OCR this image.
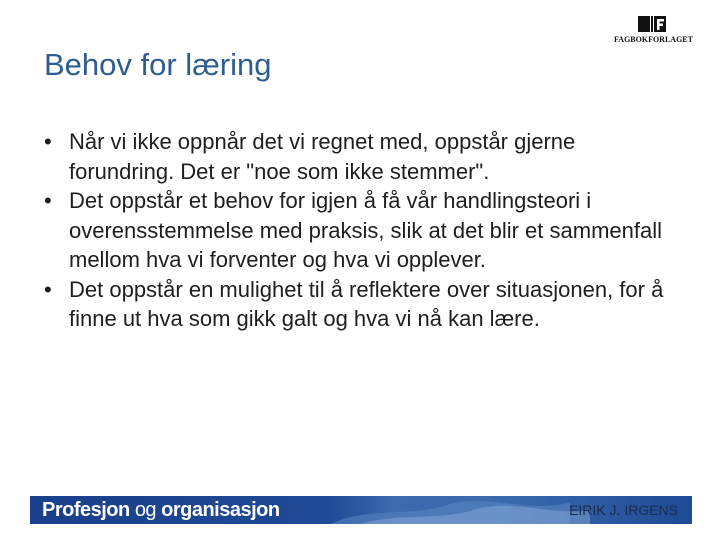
FAGBOKFORLAGET
Behov for læring
• Når vi ikke oppnår det vi regnet med, oppstår gjerne forundring. Det er "noe som ikke stemmer".
• Det oppstår et behov for igjen å få vår handlingsteori i overensstemmelse med praksis, slik at det blir et sammenfall mellom hva vi forventer og hva vi opplever.
• Det oppstår en mulighet til å reflektere over situasjonen, for å finne ut hva som gikk galt og hva vi nå kan lære.
Profesjon og organisasjon	EIRIK J. IRGENS
